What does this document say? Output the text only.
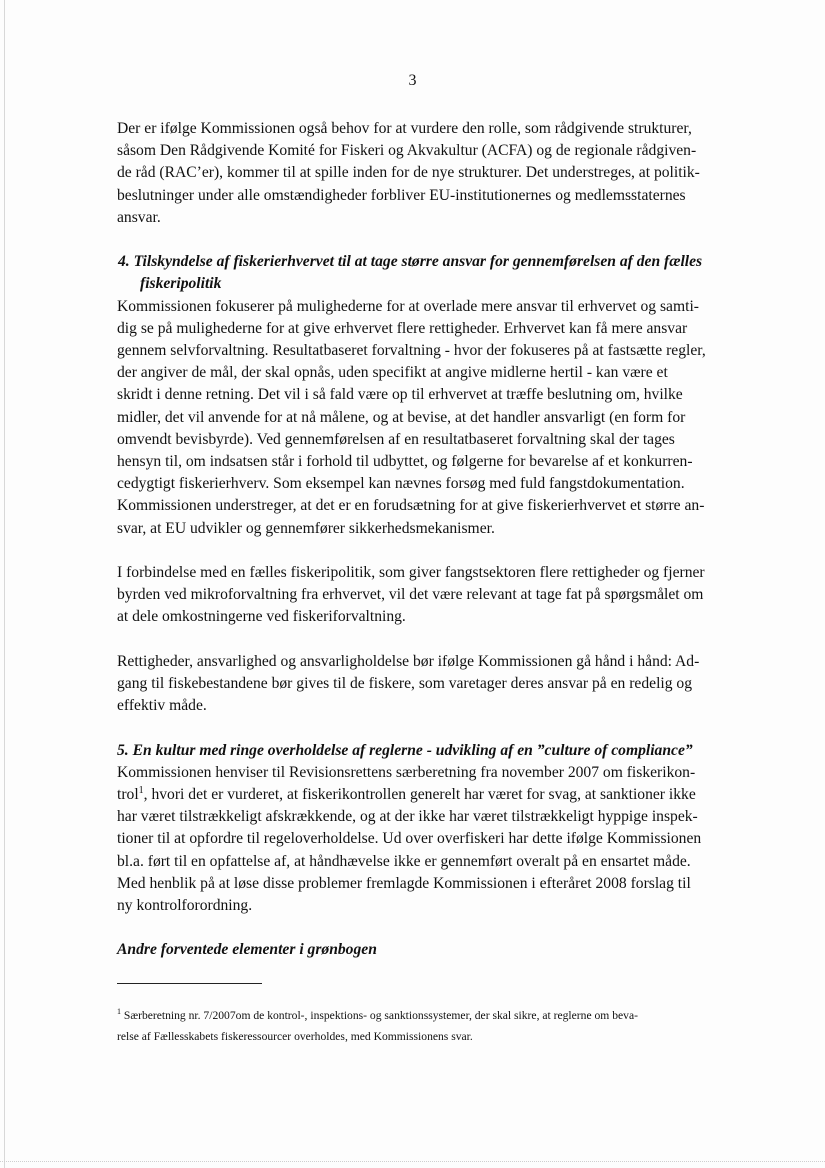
3
Der er ifølge Kommissionen også behov for at vurdere den rolle, som rådgivende strukturer,
såsom Den Rådgivende Komité for Fiskeri og Akvakultur (ACFA) og de regionale rådgiven-
de råd (RAC’er), kommer til at spille inden for de nye strukturer. Det understreges, at politik-
beslutninger under alle omstændigheder forbliver EU-institutionernes og medlemsstaternes
ansvar.
4. Tilskyndelse af fiskerierhvervet til at tage større ansvar for gennemførelsen af den fælles
fiskeripolitik
Kommissionen fokuserer på mulighederne for at overlade mere ansvar til erhvervet og samti-
dig se på mulighederne for at give erhvervet flere rettigheder. Erhvervet kan få mere ansvar
gennem selvforvaltning. Resultatbaseret forvaltning - hvor der fokuseres på at fastsætte regler,
der angiver de mål, der skal opnås, uden specifikt at angive midlerne hertil - kan være et
skridt i denne retning. Det vil i så fald være op til erhvervet at træffe beslutning om, hvilke
midler, det vil anvende for at nå målene, og at bevise, at det handler ansvarligt (en form for
omvendt bevisbyrde). Ved gennemførelsen af en resultatbaseret forvaltning skal der tages
hensyn til, om indsatsen står i forhold til udbyttet, og følgerne for bevarelse af et konkurren-
cedygtigt fiskerierhverv. Som eksempel kan nævnes forsøg med fuld fangstdokumentation.
Kommissionen understreger, at det er en forudsætning for at give fiskerierhvervet et større an-
svar, at EU udvikler og gennemfører sikkerhedsmekanismer.
I forbindelse med en fælles fiskeripolitik, som giver fangstsektoren flere rettigheder og fjerner
byrden ved mikroforvaltning fra erhvervet, vil det være relevant at tage fat på spørgsmålet om
at dele omkostningerne ved fiskeriforvaltning.
Rettigheder, ansvarlighed og ansvarligholdelse bør ifølge Kommissionen gå hånd i hånd: Ad-
gang til fiskebestandene bør gives til de fiskere, som varetager deres ansvar på en redelig og
effektiv måde.
5. En kultur med ringe overholdelse af reglerne - udvikling af en ”culture of compliance”
Kommissionen henviser til Revisionsrettens særberetning fra november 2007 om fiskerikon-
trol$^1$, hvori det er vurderet, at fiskerikontrollen generelt har været for svag, at sanktioner ikke
har været tilstrækkeligt afskrækkende, og at der ikke har været tilstrækkeligt hyppige inspek-
tioner til at opfordre til regeloverholdelse. Ud over overfiskeri har dette ifølge Kommissionen
bl.a. ført til en opfattelse af, at håndhævelse ikke er gennemført overalt på en ensartet måde.
Med henblik på at løse disse problemer fremlagde Kommissionen i efteråret 2008 forslag til
ny kontrolforordning.
Andre forventede elementer i grønbogen
$^1$ Særberetning nr. 7/2007om de kontrol-, inspektions- og sanktionssystemer, der skal sikre, at reglerne om beva-
relse af Fællesskabets fiskeressourcer overholdes, med Kommissionens svar.
